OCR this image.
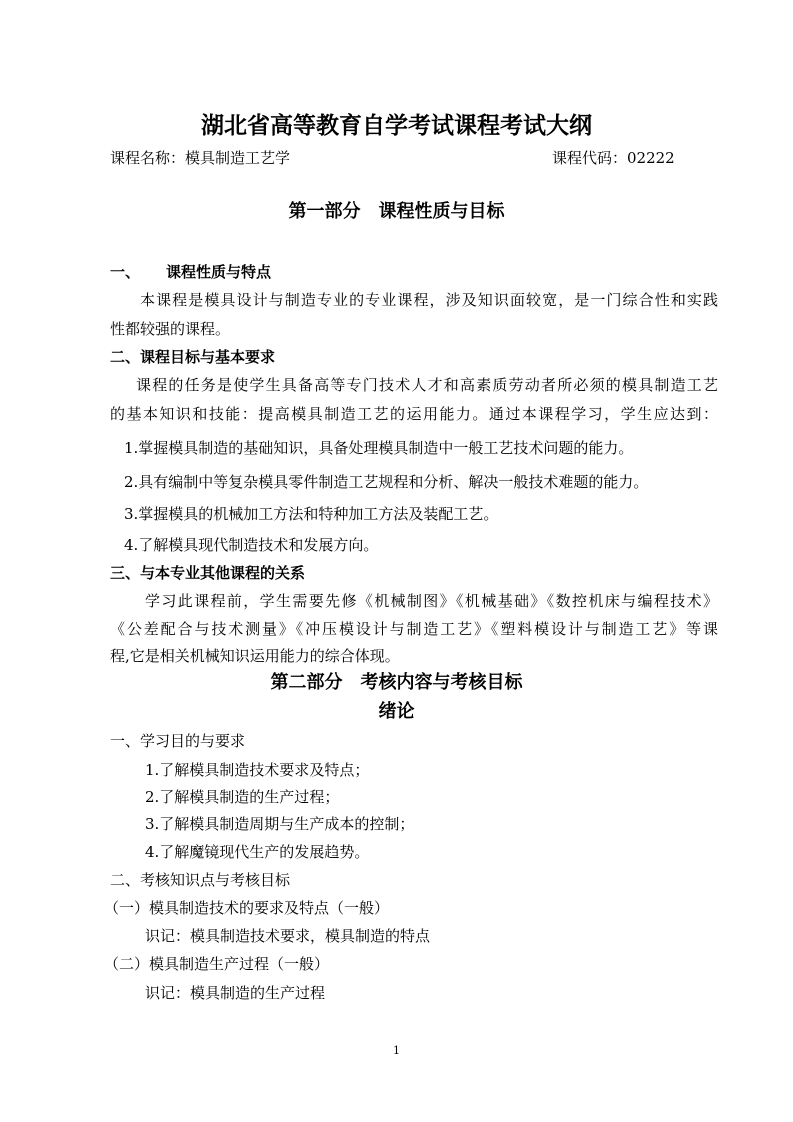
湖北省高等教育自学考试课程考试大纲
课程名称：模具制造工艺学	课程代码：02222
第一部分　课程性质与目标
一、 课程性质与特点
本课程是模具设计与制造专业的专业课程，涉及知识面较宽，是一门综合性和实践
性都较强的课程。
二、课程目标与基本要求
课程的任务是使学生具备高等专门技术人才和高素质劳动者所必须的模具制造工艺
的基本知识和技能：提高模具制造工艺的运用能力。通过本课程学习，学生应达到：
1.掌握模具制造的基础知识，具备处理模具制造中一般工艺技术问题的能力。
2.具有编制中等复杂模具零件制造工艺规程和分析、解决一般技术难题的能力。
3.掌握模具的机械加工方法和特种加工方法及装配工艺。
4.了解模具现代制造技术和发展方向。
三、与本专业其他课程的关系
学习此课程前，学生需要先修《机械制图》《机械基础》《数控机床与编程技术》
《公差配合与技术测量》《冲压模设计与制造工艺》《塑料模设计与制造工艺》等课
程,它是相关机械知识运用能力的综合体现。
第二部分　考核内容与考核目标
绪论
一、学习目的与要求
1.了解模具制造技术要求及特点；
2.了解模具制造的生产过程；
3.了解模具制造周期与生产成本的控制；
4.了解魔镜现代生产的发展趋势。
二、考核知识点与考核目标
（一）模具制造技术的要求及特点（一般）
识记：模具制造技术要求，模具制造的特点
（二）模具制造生产过程（一般）
识记：模具制造的生产过程
1
